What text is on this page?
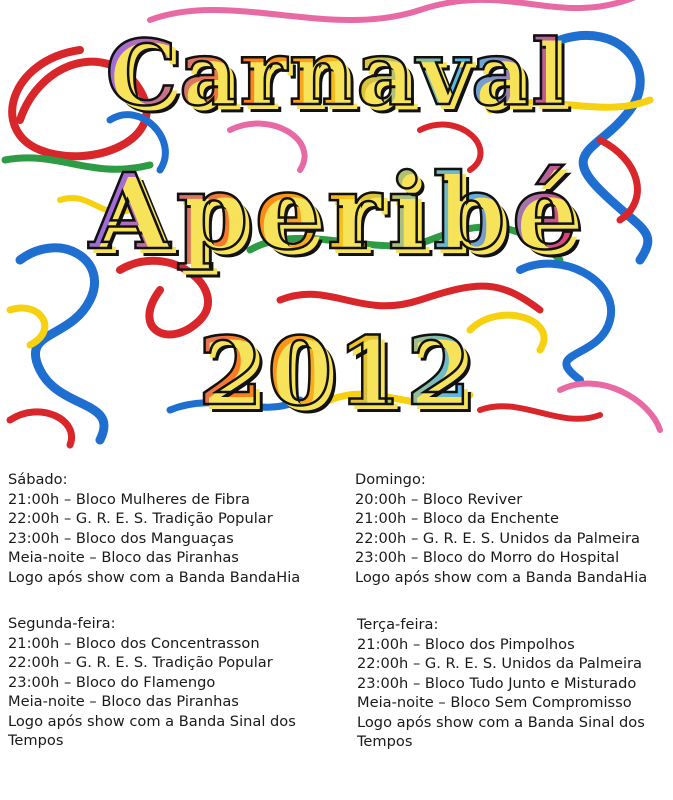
Carnaval
Aperibé
2012
Sábado:
21:00h – Bloco Mulheres de Fibra
22:00h – G. R. E. S. Tradição Popular
23:00h – Bloco dos Manguaças
Meia-noite – Bloco das Piranhas
Logo após show com a Banda BandaHia
Domingo:
20:00h – Bloco Reviver
21:00h – Bloco da Enchente
22:00h – G. R. E. S. Unidos da Palmeira
23:00h – Bloco do Morro do Hospital
Logo após show com a Banda BandaHia
Segunda-feira:
21:00h – Bloco dos Concentrasson
22:00h – G. R. E. S. Tradição Popular
23:00h – Bloco do Flamengo
Meia-noite – Bloco das Piranhas
Logo após show com a Banda Sinal dos Tempos
Terça-feira:
21:00h – Bloco dos Pimpolhos
22:00h – G. R. E. S. Unidos da Palmeira
23:00h – Bloco Tudo Junto e Misturado
Meia-noite – Bloco Sem Compromisso
Logo após show com a Banda Sinal dos Tempos
